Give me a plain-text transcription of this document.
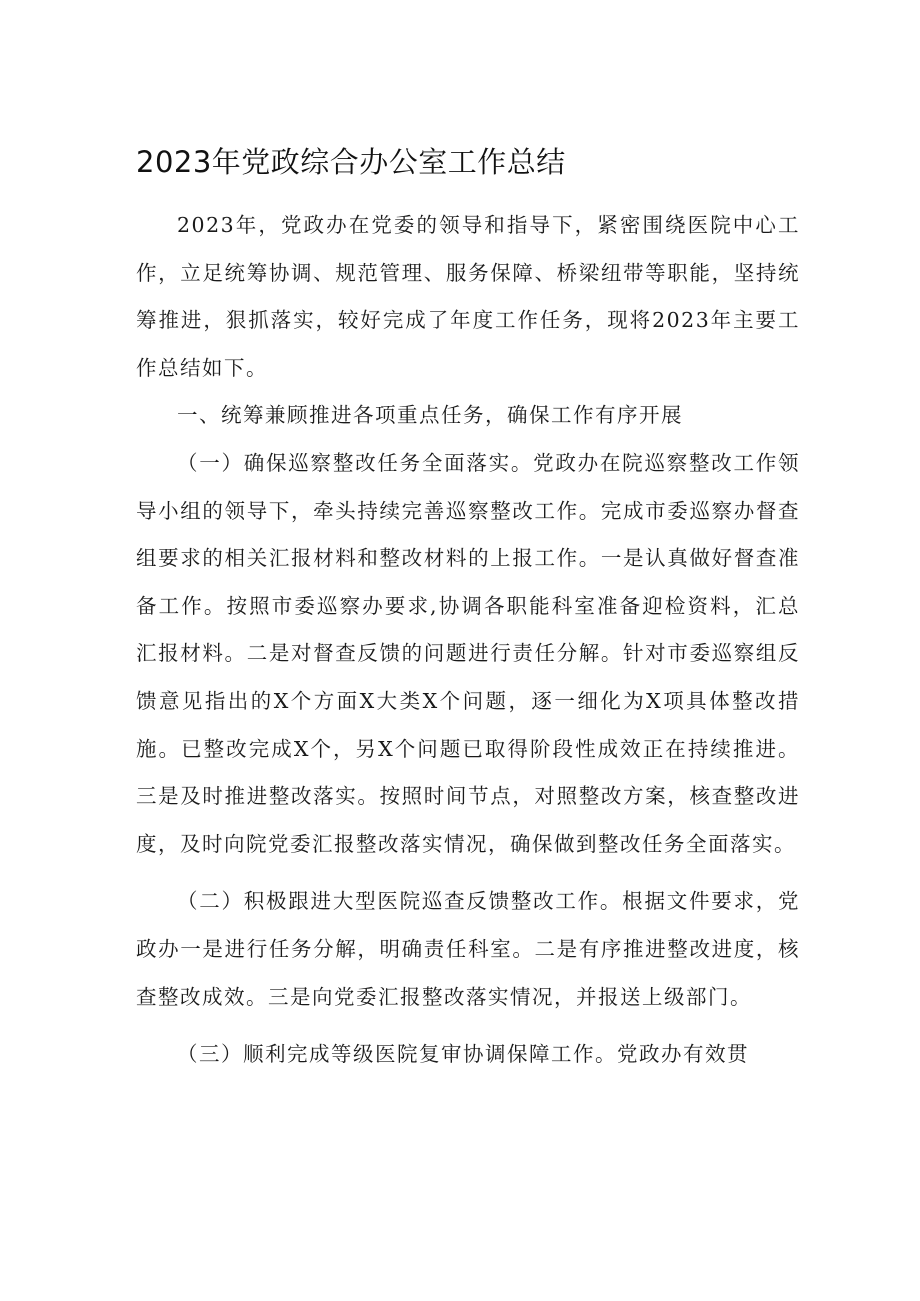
2023年党政综合办公室工作总结

2023年，党政办在党委的领导和指导下，紧密围绕医院中心工作，立足统筹协调、规范管理、服务保障、桥梁纽带等职能，坚持统筹推进，狠抓落实，较好完成了年度工作任务，现将2023年主要工作总结如下。

一、统筹兼顾推进各项重点任务，确保工作有序开展

（一）确保巡察整改任务全面落实。党政办在院巡察整改工作领导小组的领导下，牵头持续完善巡察整改工作。完成市委巡察办督查组要求的相关汇报材料和整改材料的上报工作。一是认真做好督查准备工作。按照市委巡察办要求,协调各职能科室准备迎检资料，汇总汇报材料。二是对督查反馈的问题进行责任分解。针对市委巡察组反馈意见指出的X个方面X大类X个问题，逐一细化为X项具体整改措施。已整改完成X个，另X个问题已取得阶段性成效正在持续推进。三是及时推进整改落实。按照时间节点，对照整改方案，核查整改进度，及时向院党委汇报整改落实情况，确保做到整改任务全面落实。

（二）积极跟进大型医院巡查反馈整改工作。根据文件要求，党政办一是进行任务分解，明确责任科室。二是有序推进整改进度，核查整改成效。三是向党委汇报整改落实情况，并报送上级部门。

（三）顺利完成等级医院复审协调保障工作。党政办有效贯
